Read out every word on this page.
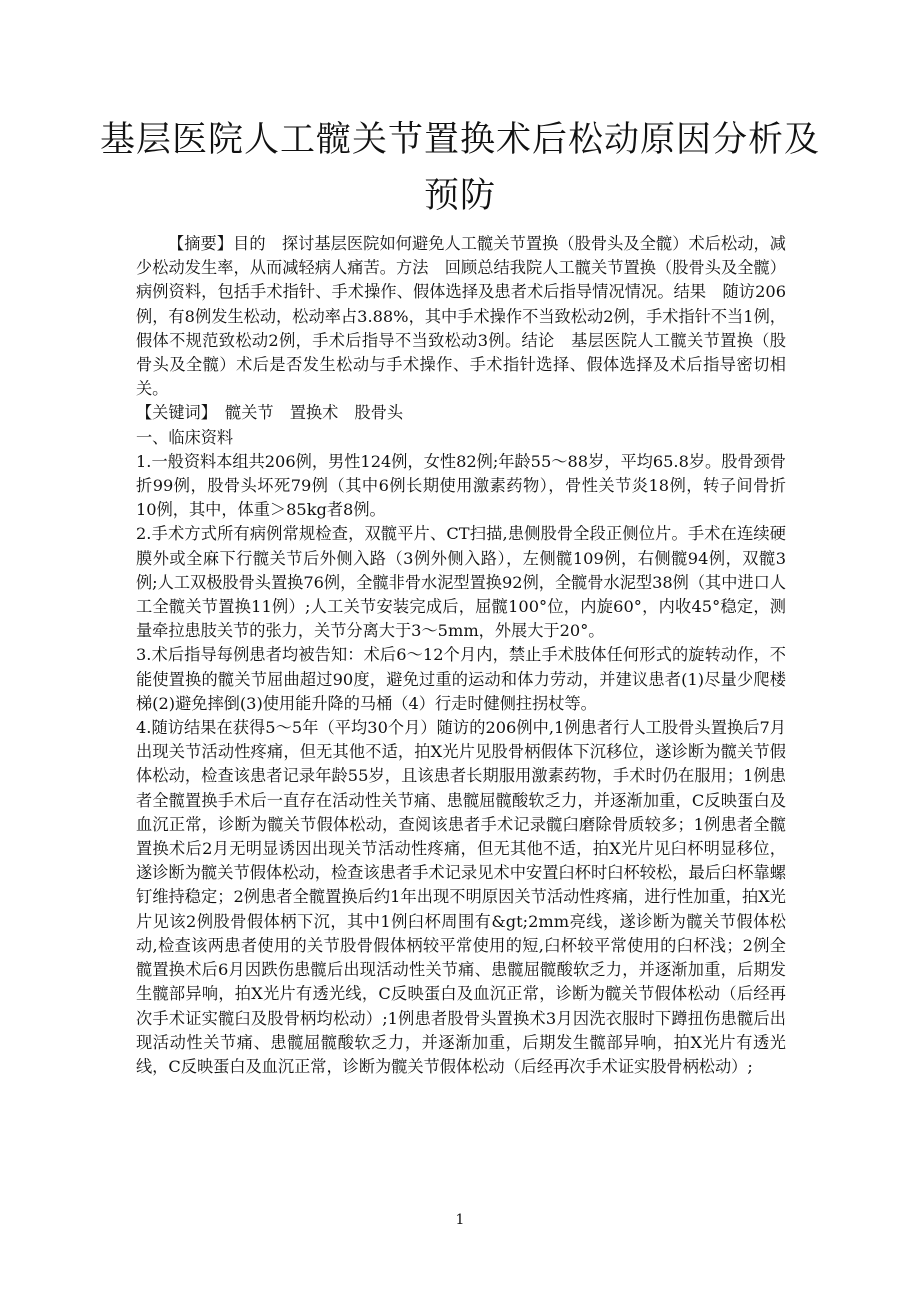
基层医院人工髋关节置换术后松动原因分析及预防

【摘要】目的　探讨基层医院如何避免人工髋关节置换（股骨头及全髋）术后松动，减少松动发生率，从而减轻病人痛苦。方法　回顾总结我院人工髋关节置换（股骨头及全髋）病例资料，包括手术指针、手术操作、假体选择及患者术后指导情况情况。结果　随访206例，有8例发生松动，松动率占3.88%，其中手术操作不当致松动2例，手术指针不当1例，假体不规范致松动2例，手术后指导不当致松动3例。结论　基层医院人工髋关节置换（股骨头及全髋）术后是否发生松动与手术操作、手术指针选择、假体选择及术后指导密切相关。

【关键词】　髋关节　置换术　股骨头

一、临床资料

1.一般资料本组共206例，男性124例，女性82例;年龄55～88岁，平均65.8岁。股骨颈骨折99例，股骨头坏死79例（其中6例长期使用激素药物），骨性关节炎18例，转子间骨折10例，其中，体重＞85kg者8例。

2.手术方式所有病例常规检查，双髋平片、CT扫描,患侧股骨全段正侧位片。手术在连续硬膜外或全麻下行髋关节后外侧入路（3例外侧入路），左侧髋109例，右侧髋94例，双髋3例;人工双极股骨头置换76例，全髋非骨水泥型置换92例，全髋骨水泥型38例（其中进口人工全髋关节置换11例）;人工关节安装完成后，屈髋100°位，内旋60°，内收45°稳定，测量牵拉患肢关节的张力，关节分离大于3～5mm，外展大于20°。

3.术后指导每例患者均被告知：术后6～12个月内，禁止手术肢体任何形式的旋转动作，不能使置换的髋关节屈曲超过90度，避免过重的运动和体力劳动，并建议患者(1)尽量少爬楼梯(2)避免摔倒(3)使用能升降的马桶（4）行走时健侧拄拐杖等。

4.随访结果在获得5～5年（平均30个月）随访的206例中,1例患者行人工股骨头置换后7月出现关节活动性疼痛，但无其他不适，拍X光片见股骨柄假体下沉移位，遂诊断为髋关节假体松动，检查该患者记录年龄55岁，且该患者长期服用激素药物，手术时仍在服用；1例患者全髋置换手术后一直存在活动性关节痛、患髋屈髋酸软乏力，并逐渐加重，C反映蛋白及血沉正常，诊断为髋关节假体松动，查阅该患者手术记录髋臼磨除骨质较多；1例患者全髋置换术后2月无明显诱因出现关节活动性疼痛，但无其他不适，拍X光片见臼杯明显移位，遂诊断为髋关节假体松动，检查该患者手术记录见术中安置臼杯时臼杯较松，最后臼杯靠螺钉维持稳定；2例患者全髋置换后约1年出现不明原因关节活动性疼痛，进行性加重，拍X光片见该2例股骨假体柄下沉，其中1例臼杯周围有&gt;2mm亮线，遂诊断为髋关节假体松动,检查该两患者使用的关节股骨假体柄较平常使用的短,臼杯较平常使用的臼杯浅；2例全髋置换术后6月因跌伤患髋后出现活动性关节痛、患髋屈髋酸软乏力，并逐渐加重，后期发生髋部异响，拍X光片有透光线，C反映蛋白及血沉正常，诊断为髋关节假体松动（后经再次手术证实髋臼及股骨柄均松动）;1例患者股骨头置换术3月因洗衣服时下蹲扭伤患髋后出现活动性关节痛、患髋屈髋酸软乏力，并逐渐加重，后期发生髋部异响，拍X光片有透光线，C反映蛋白及血沉正常，诊断为髋关节假体松动（后经再次手术证实股骨柄松动）;

1
